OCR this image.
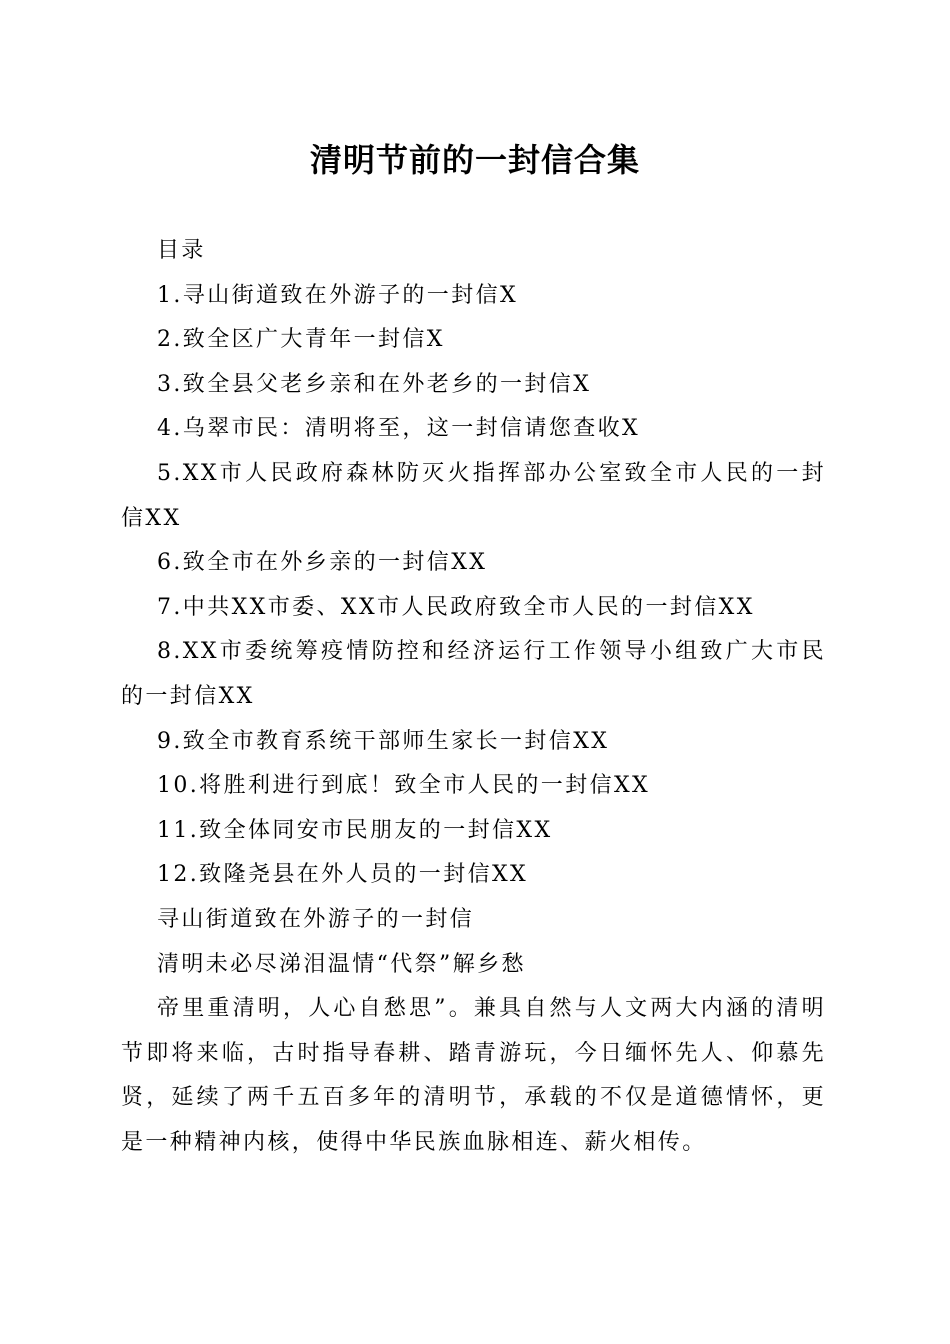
清明节前的一封信合集

目录

1.寻山街道致在外游子的一封信X

2.致全区广大青年一封信X

3.致全县父老乡亲和在外老乡的一封信X

4.乌翠市民：清明将至，这一封信请您查收X

5.XX市人民政府森林防灭火指挥部办公室致全市人民的一封信XX

6.致全市在外乡亲的一封信XX

7.中共XX市委、XX市人民政府致全市人民的一封信XX

8.XX市委统筹疫情防控和经济运行工作领导小组致广大市民的一封信XX

9.致全市教育系统干部师生家长一封信XX

10.将胜利进行到底！致全市人民的一封信XX

11.致全体同安市民朋友的一封信XX

12.致隆尧县在外人员的一封信XX

寻山街道致在外游子的一封信

清明未必尽涕泪温情“代祭”解乡愁

帝里重清明，人心自愁思”。兼具自然与人文两大内涵的清明节即将来临，古时指导春耕、踏青游玩，今日缅怀先人、仰慕先贤，延续了两千五百多年的清明节，承载的不仅是道德情怀，更是一种精神内核，使得中华民族血脉相连、薪火相传。
